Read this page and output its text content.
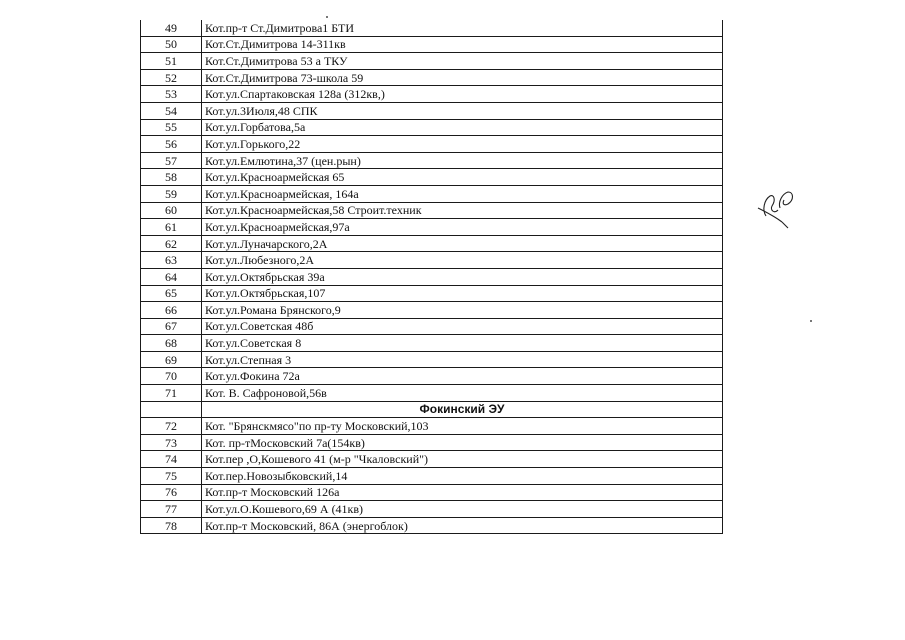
49	Кот.пр-т Ст.Димитрова1 БТИ
50	Кот.Ст.Димитрова 14-311кв
51	Кот.Ст.Димитрова 53 а ТКУ
52	Кот.Ст.Димитрова 73-школа 59
53	Кот.ул.Спартаковская 128а (312кв,)
54	Кот.ул.3Июля,48 СПК
55	Кот.ул.Горбатова,5а
56	Кот.ул.Горького,22
57	Кот.ул.Емлютина,37 (цен.рын)
58	Кот.ул.Красноармейская 65
59	Кот.ул.Красноармейская, 164а
60	Кот.ул.Красноармейская,58 Строит.техник
61	Кот.ул.Красноармейская,97а
62	Кот.ул.Луначарского,2А
63	Кот.ул.Любезного,2А
64	Кот.ул.Октябрьская 39а
65	Кот.ул.Октябрьская,107
66	Кот.ул.Романа Брянского,9
67	Кот.ул.Советская 48б
68	Кот.ул.Советская 8
69	Кот.ул.Степная 3
70	Кот.ул.Фокина 72а
71	Кот. В. Сафроновой,56в
	Фокинский ЭУ
72	Кот. "Брянскмясо"по пр-ту Московский,103
73	Кот. пр-тМосковский 7а(154кв)
74	Кот.пер ,О,Кошевого 41 (м-р "Чкаловский")
75	Кот.пер.Новозыбковский,14
76	Кот.пр-т Московский 126а
77	Кот.ул.О.Кошевого,69 А (41кв)
78	Кот.пр-т Московский, 86А (энергоблок)
